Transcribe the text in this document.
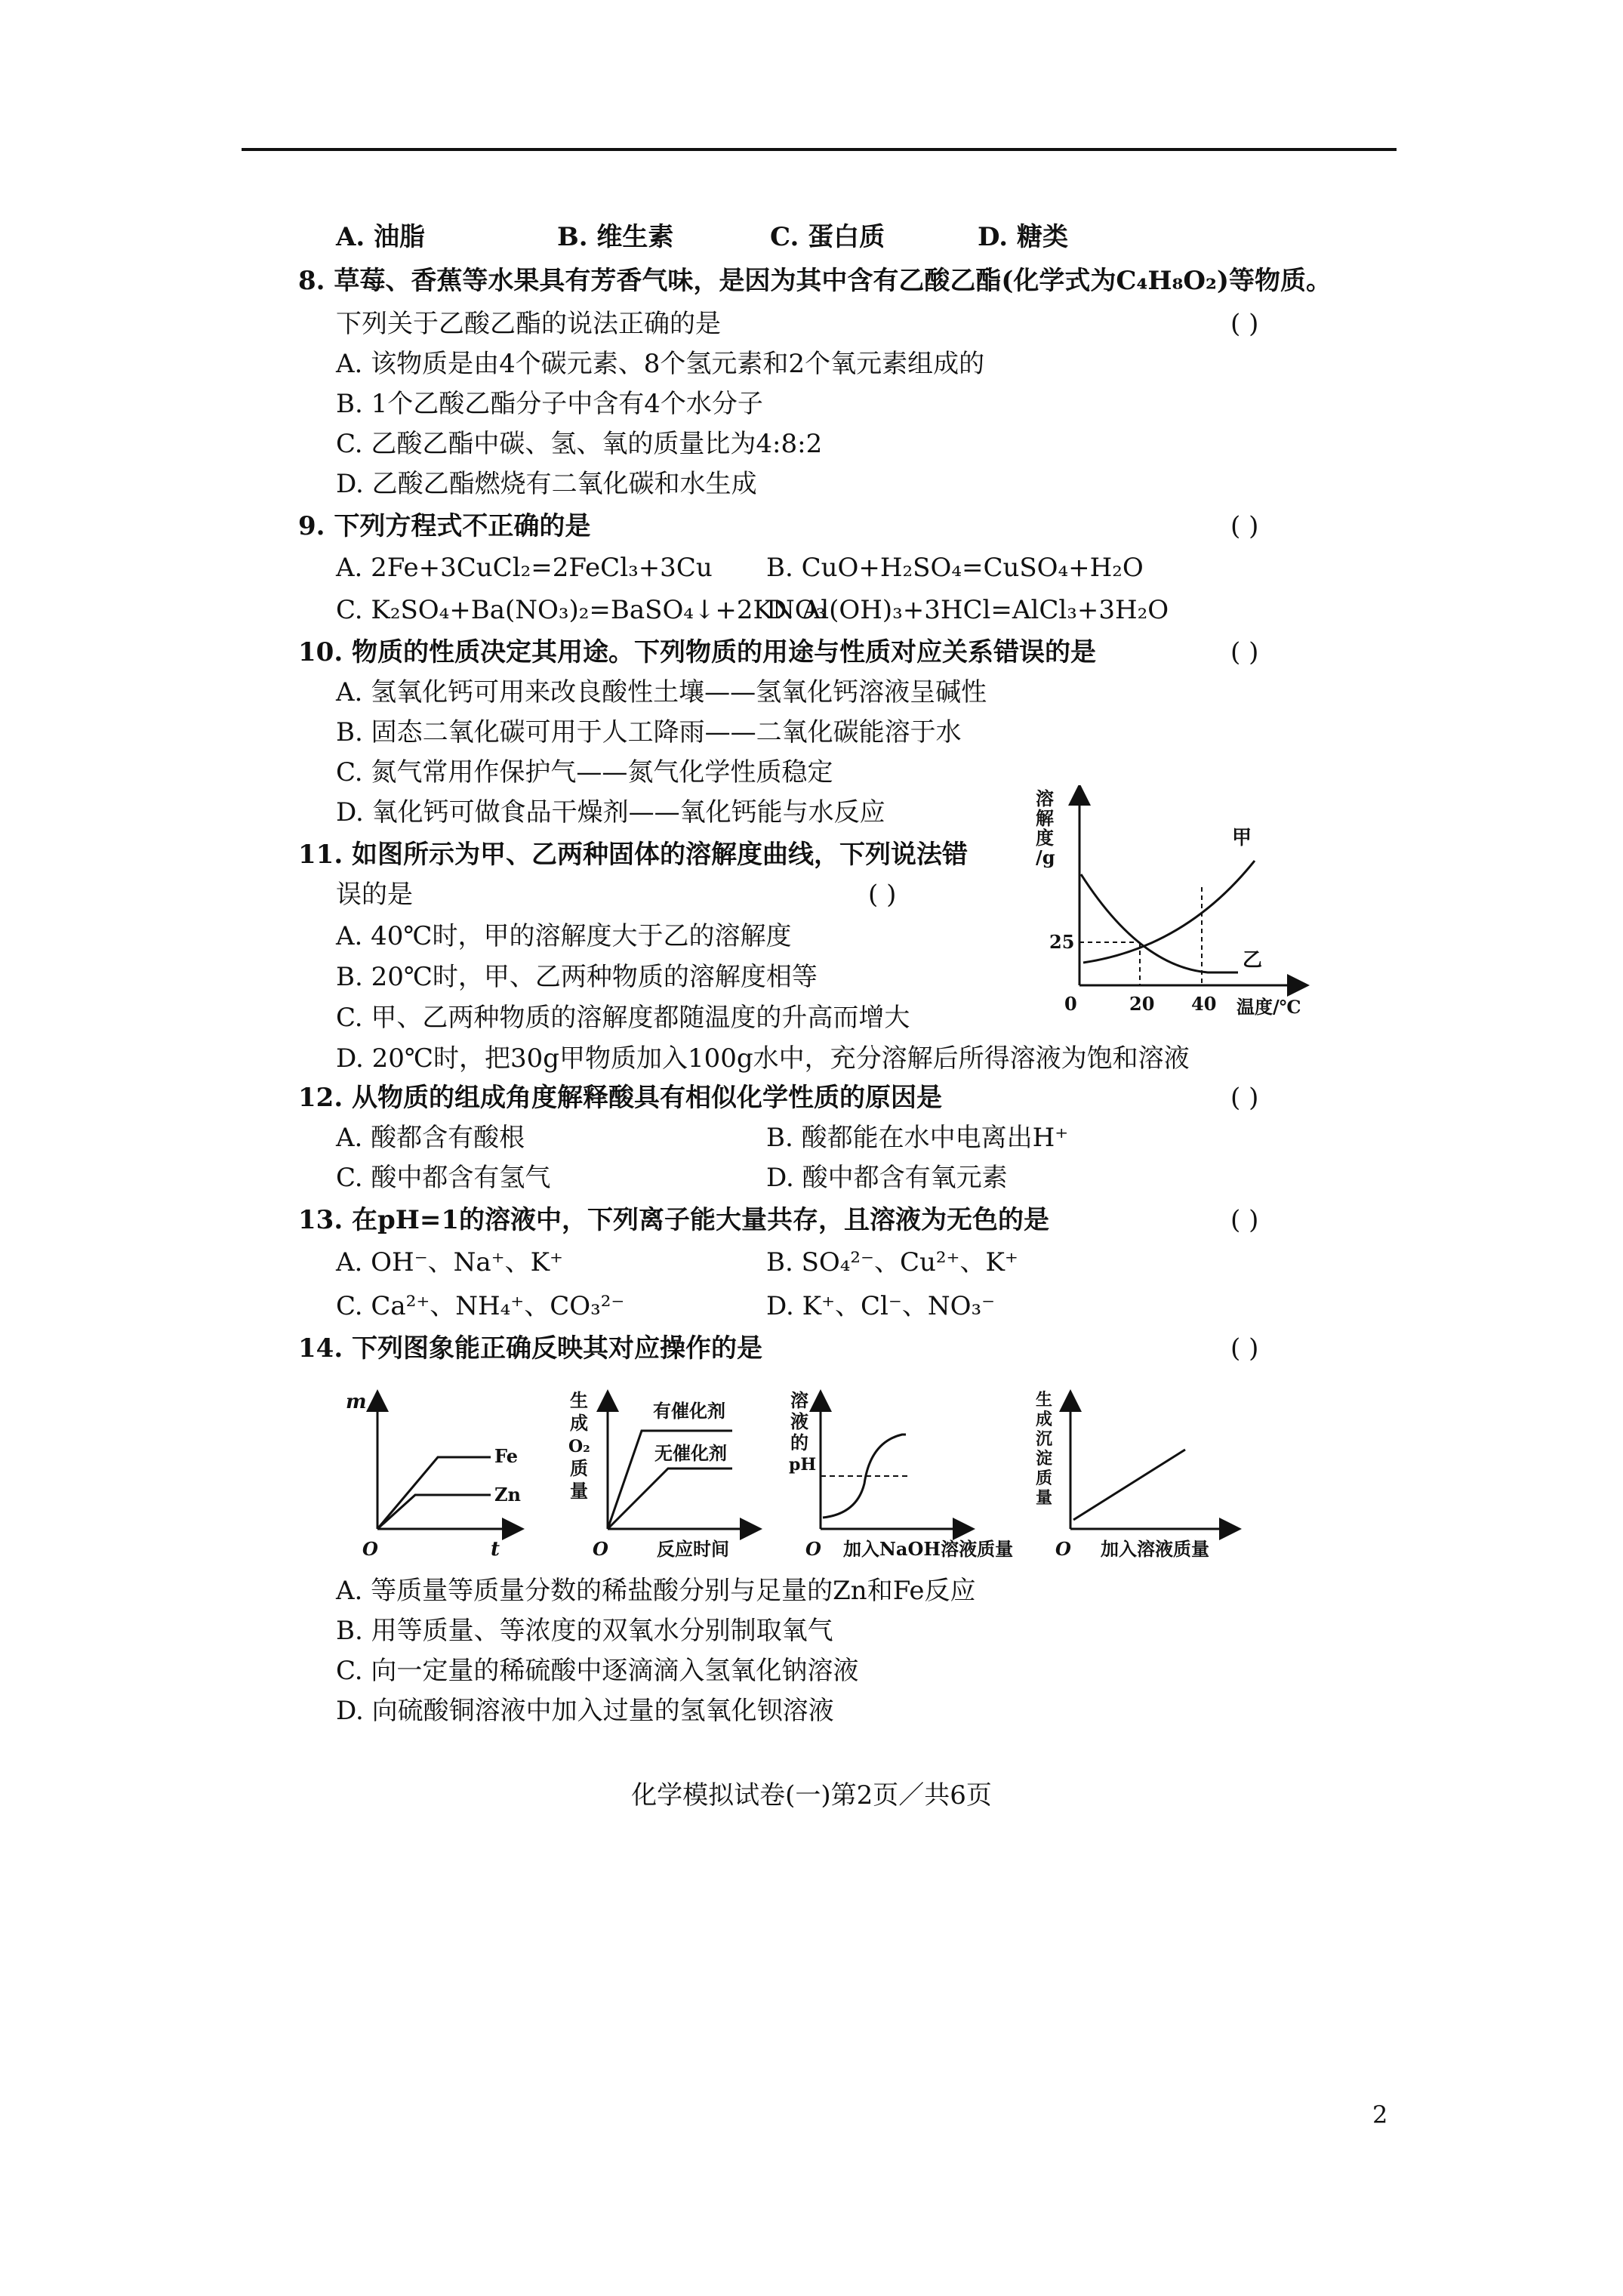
A. 油脂	B. 维生素	C. 蛋白质	D. 糖类
8. 草莓、香蕉等水果具有芳香气味，是因为其中含有乙酸乙酯(化学式为C₄H₈O₂)等物质。
下列关于乙酸乙酯的说法正确的是	( )
A. 该物质是由4个碳元素、8个氢元素和2个氧元素组成的
B. 1个乙酸乙酯分子中含有4个水分子
C. 乙酸乙酯中碳、氢、氧的质量比为4:8:2
D. 乙酸乙酯燃烧有二氧化碳和水生成
9. 下列方程式不正确的是	( )
A. 2Fe+3CuCl₂=2FeCl₃+3Cu B. CuO+H₂SO₄=CuSO₄+H₂O
C. K₂SO₄+Ba(NO₃)₂=BaSO₄↓+2KNO₃
D. Al(OH)₃+3HCl=AlCl₃+3H₂O
10. 物质的性质决定其用途。下列物质的用途与性质对应关系错误的是	( )
A. 氢氧化钙可用来改良酸性土壤——氢氧化钙溶液呈碱性
B. 固态二氧化碳可用于人工降雨——二氧化碳能溶于水
C. 氮气常用作保护气——氮气化学性质稳定
D. 氧化钙可做食品干燥剂——氧化钙能与水反应
11. 如图所示为甲、乙两种固体的溶解度曲线，下列说法错
误的是	( )
A. 40℃时，甲的溶解度大于乙的溶解度
B. 20℃时，甲、乙两种物质的溶解度相等
C. 甲、乙两种物质的溶解度都随温度的升高而增大
D. 20℃时，把30g甲物质加入100g水中，充分溶解后所得溶液为饱和溶液
溶
解
度
/g
25
0	20 40 温度/℃
甲
乙
12. 从物质的组成角度解释酸具有相似化学性质的原因是	( )
A. 酸都含有酸根	B. 酸都能在水中电离出H⁺
C. 酸中都含有氢气	D. 酸中都含有氧元素
13. 在pH=1的溶液中，下列离子能大量共存，且溶液为无色的是	( )
A. OH⁻、Na⁺、K⁺	B. SO₄²⁻、Cu²⁺、K⁺
C. Ca²⁺、NH₄⁺、CO₃²⁻	D. K⁺、Cl⁻、NO₃⁻
14. 下列图象能正确反映其对应操作的是	( )
m
Fe
Zn
O	t
生
成
O₂
质
量
有催化剂
无催化剂
O	反应时间
溶
液
的
pH
O 加入NaOH溶液质量
生
成
沉
淀
质
量
O 加入溶液质量
A. 等质量等质量分数的稀盐酸分别与足量的Zn和Fe反应
B. 用等质量、等浓度的双氧水分别制取氧气
C. 向一定量的稀硫酸中逐滴滴入氢氧化钠溶液
D. 向硫酸铜溶液中加入过量的氢氧化钡溶液
化学模拟试卷(一)第2页／共6页
2
